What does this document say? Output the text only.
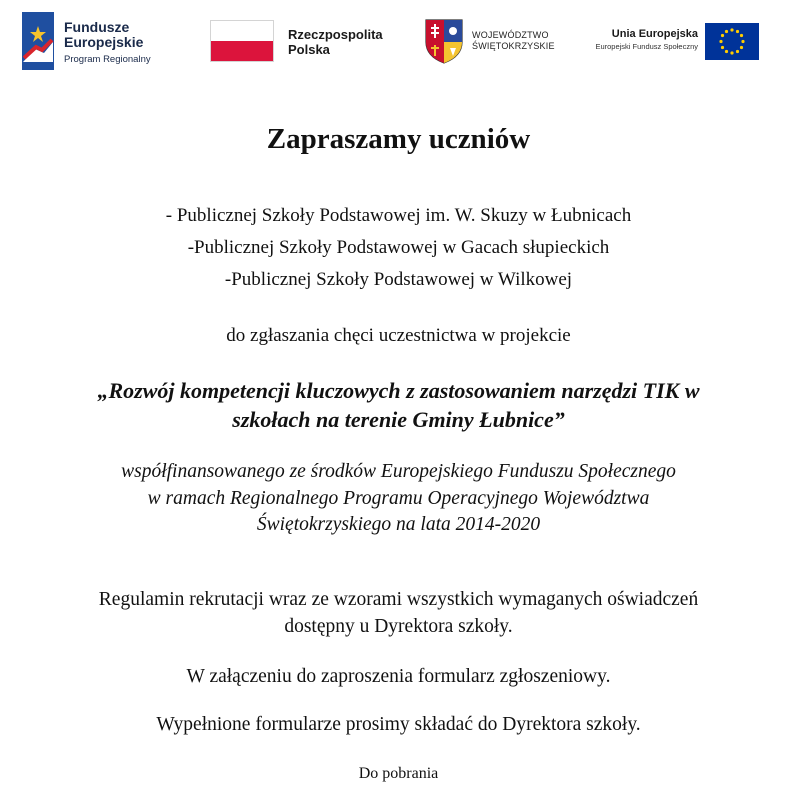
Fundusze
Europejskie
Program Regionalny
Rzeczpospolita
Polska
WOJEWÓDZTWO
ŚWIĘTOKRZYSKIE
Unia Europejska
Europejski Fundusz Społeczny
Zapraszamy uczniów

- Publicznej Szkoły Podstawowej im. W. Skuzy w Łubnicach

-Publicznej Szkoły Podstawowej w Gacach słupieckich

-Publicznej Szkoły Podstawowej w Wilkowej

do zgłaszania chęci uczestnictwa w projekcie

„Rozwój kompetencji kluczowych z zastosowaniem narzędzi TIK w

szkołach na terenie Gminy Łubnice”

współfinansowanego ze środków Europejskiego Funduszu Społecznego

w ramach Regionalnego Programu Operacyjnego Województwa

Świętokrzyskiego na lata 2014-2020

Regulamin rekrutacji wraz ze wzorami wszystkich wymaganych oświadczeń

dostępny u Dyrektora szkoły.

W załączeniu do zaproszenia formularz zgłoszeniowy.

Wypełnione formularze prosimy składać do Dyrektora szkoły.

Do pobrania
